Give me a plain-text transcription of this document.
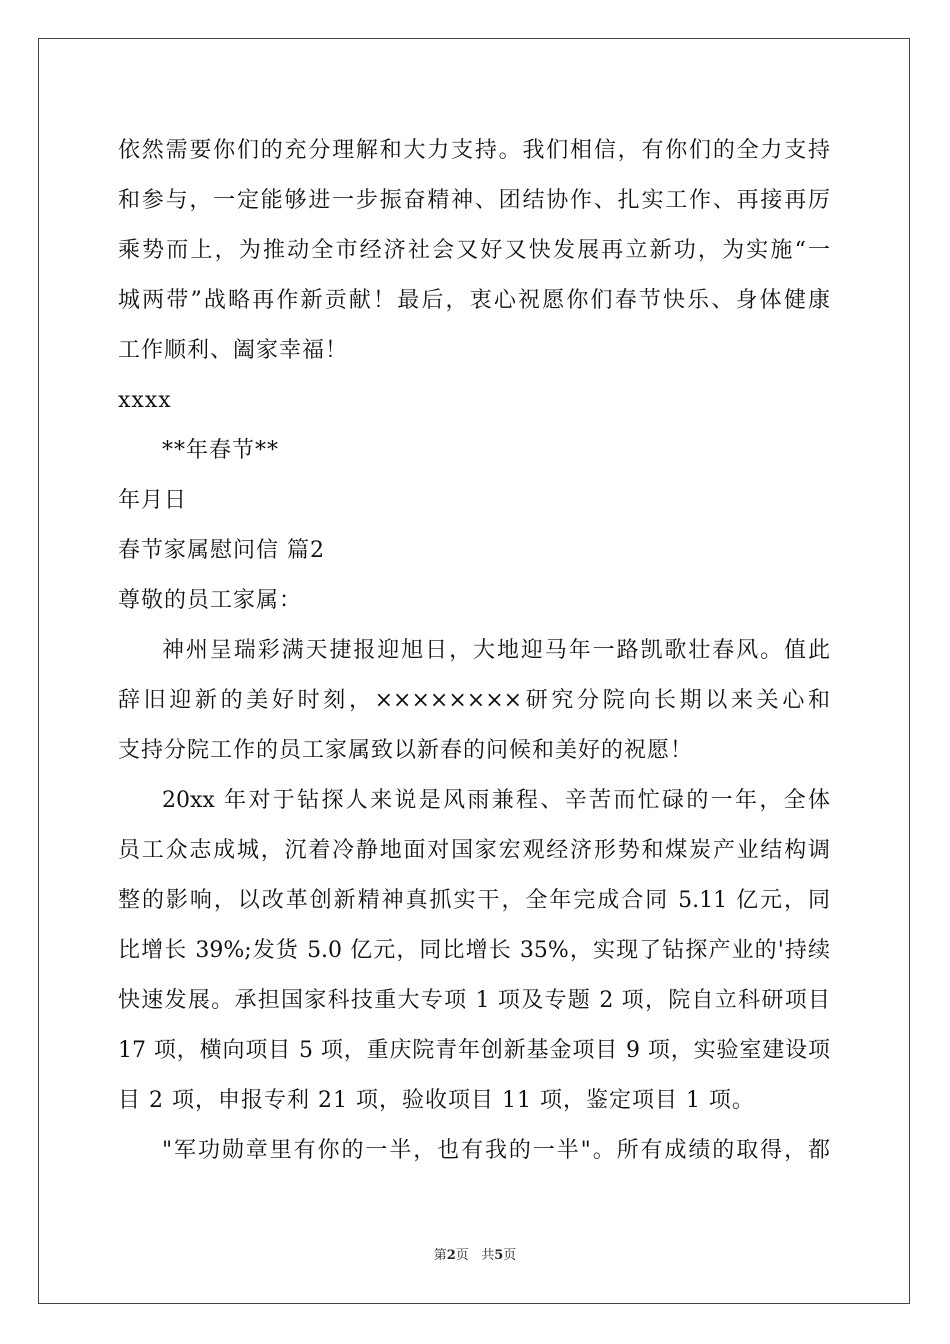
依然需要你们的充分理解和大力支持。我们相信，有你们的全力支持
和参与，一定能够进一步振奋精神、团结协作、扎实工作、再接再厉
乘势而上，为推动全市经济社会又好又快发展再立新功，为实施“一
城两带”战略再作新贡献！最后，衷心祝愿你们春节快乐、身体健康
工作顺利、阖家幸福！
xxxx
**年春节**
年月日
春节家属慰问信 篇2
尊敬的员工家属：
神州呈瑞彩满天捷报迎旭日，大地迎马年一路凯歌壮春风。值此
辞旧迎新的美好时刻，××××××××研究分院向长期以来关心和
支持分院工作的员工家属致以新春的问候和美好的祝愿！
20xx 年对于钻探人来说是风雨兼程、辛苦而忙碌的一年，全体
员工众志成城，沉着冷静地面对国家宏观经济形势和煤炭产业结构调
整的影响，以改革创新精神真抓实干，全年完成合同 5.11 亿元，同
比增长 39%;发货 5.0 亿元，同比增长 35%，实现了钻探产业的'持续
快速发展。承担国家科技重大专项 1 项及专题 2 项，院自立科研项目
17 项，横向项目 5 项，重庆院青年创新基金项目 9 项，实验室建设项
目 2 项，申报专利 21 项，验收项目 11 项，鉴定项目 1 项。
"军功勋章里有你的一半，也有我的一半"。所有成绩的取得，都
第2页 共5页
